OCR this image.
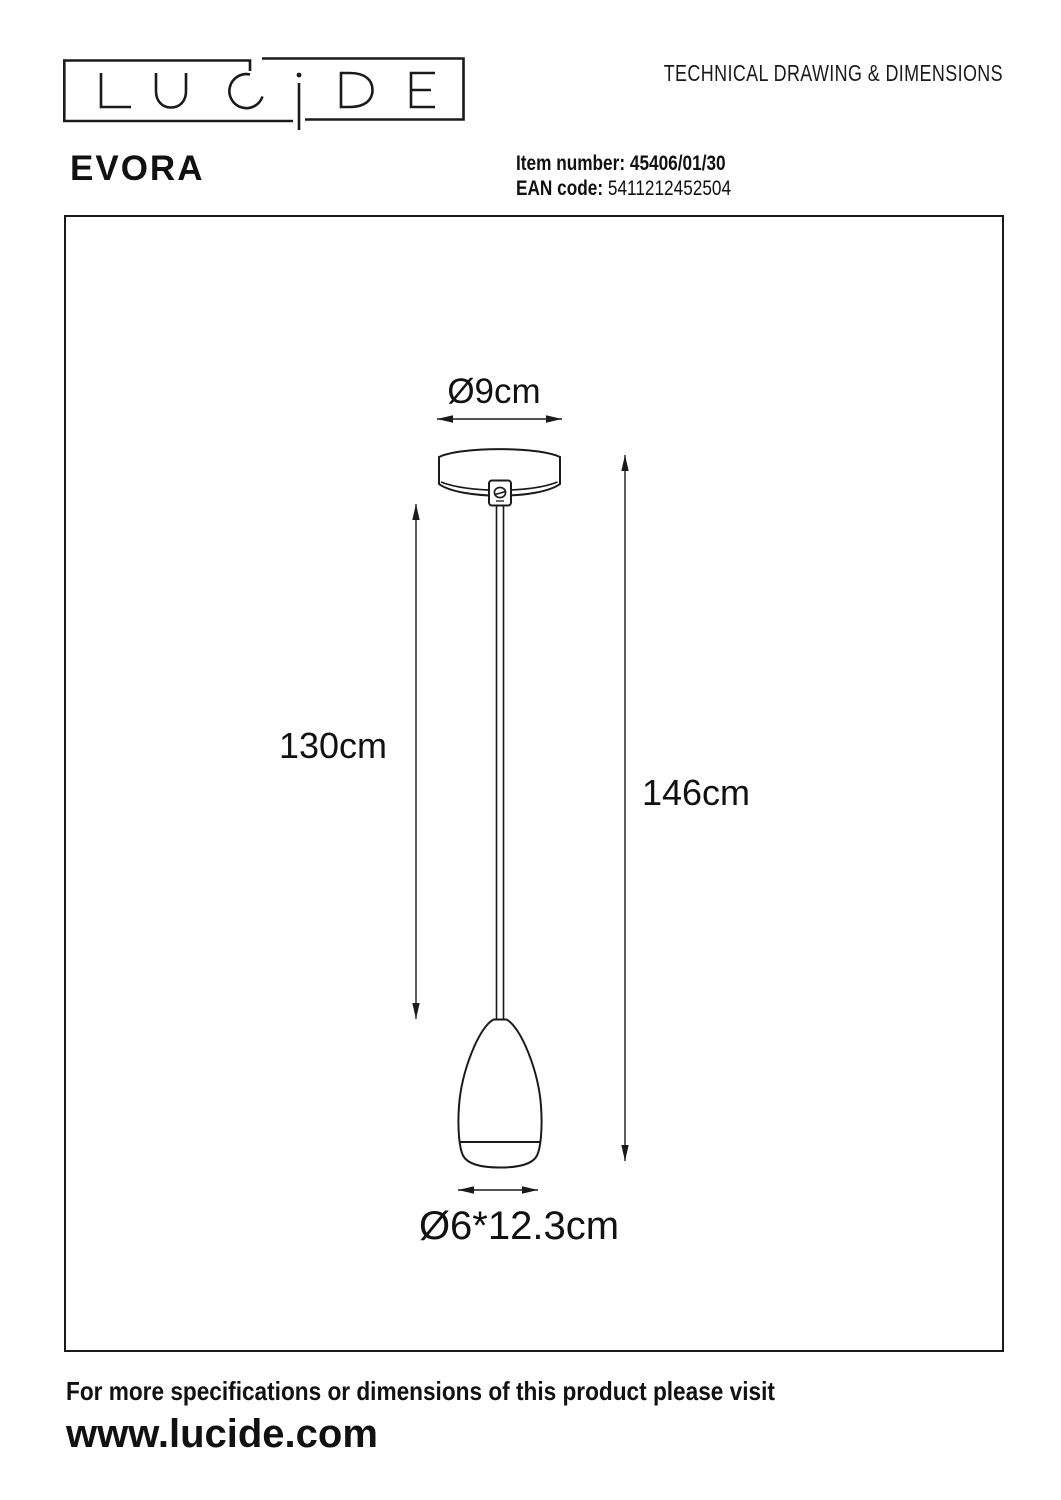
TECHNICAL DRAWING & DIMENSIONS
EVORA	Item number: 45406/01/30
EAN code: 5411212452504
Ø9cm
130cm
146cm
Ø6*12.3cm
For more specifications or dimensions of this product please visit
www.lucide.com
